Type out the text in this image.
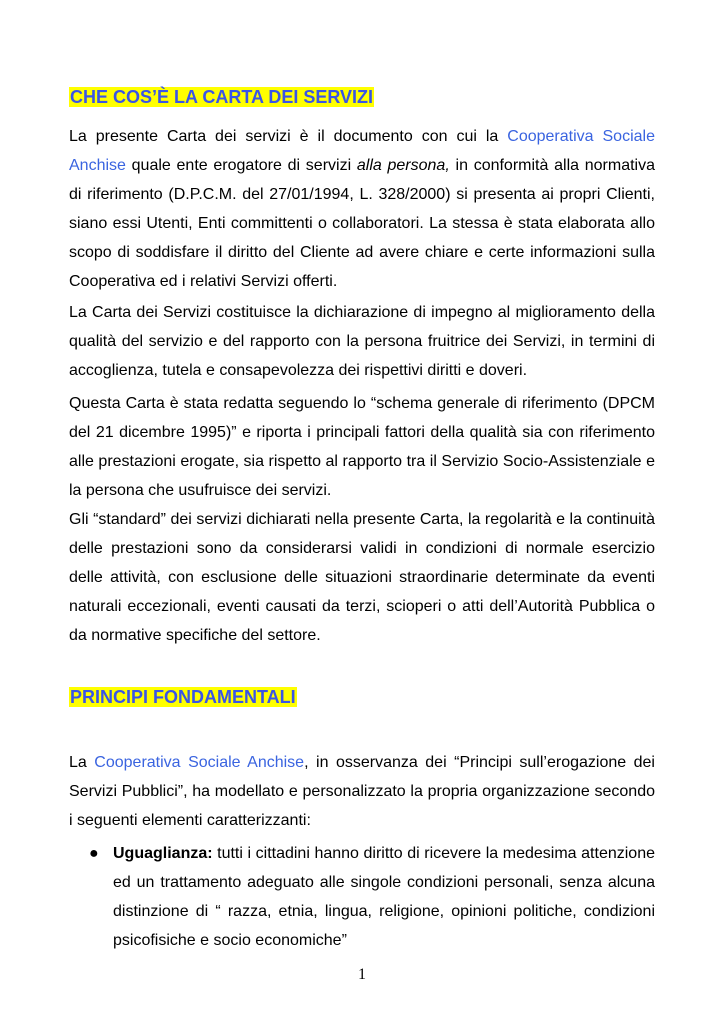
CHE COS’È LA CARTA DEI SERVIZI

La presente Carta dei servizi è il documento con cui la Cooperativa Sociale Anchise quale ente erogatore di servizi alla persona, in conformità alla normativa di riferimento (D.P.C.M. del 27/01/1994, L. 328/2000) si presenta ai propri Clienti, siano essi Utenti, Enti committenti o collaboratori. La stessa è stata elaborata allo scopo di soddisfare il diritto del Cliente ad avere chiare e certe informazioni sulla Cooperativa ed i relativi Servizi offerti.

La Carta dei Servizi costituisce la dichiarazione di impegno al miglioramento della qualità del servizio e del rapporto con la persona fruitrice dei Servizi, in termini di accoglienza, tutela e consapevolezza dei rispettivi diritti e doveri.

Questa Carta è stata redatta seguendo lo “schema generale di riferimento (DPCM del 21 dicembre 1995)” e riporta i principali fattori della qualità sia con riferimento alle prestazioni erogate, sia rispetto al rapporto tra il Servizio Socio-Assistenziale e la persona che usufruisce dei servizi.

Gli “standard” dei servizi dichiarati nella presente Carta, la regolarità e la continuità delle prestazioni sono da considerarsi validi in condizioni di normale esercizio delle attività, con esclusione delle situazioni straordinarie determinate da eventi naturali eccezionali, eventi causati da terzi, scioperi o atti dell’Autorità Pubblica o da normative specifiche del settore.

PRINCIPI FONDAMENTALI

La Cooperativa Sociale Anchise, in osservanza dei “Principi sull’erogazione dei Servizi Pubblici”, ha modellato e personalizzato la propria organizzazione secondo i seguenti elementi caratterizzanti:

● Uguaglianza: tutti i cittadini hanno diritto di ricevere la medesima attenzione ed un trattamento adeguato alle singole condizioni personali, senza alcuna distinzione di “ razza, etnia, lingua, religione, opinioni politiche, condizioni psicofisiche e socio economiche”
1
